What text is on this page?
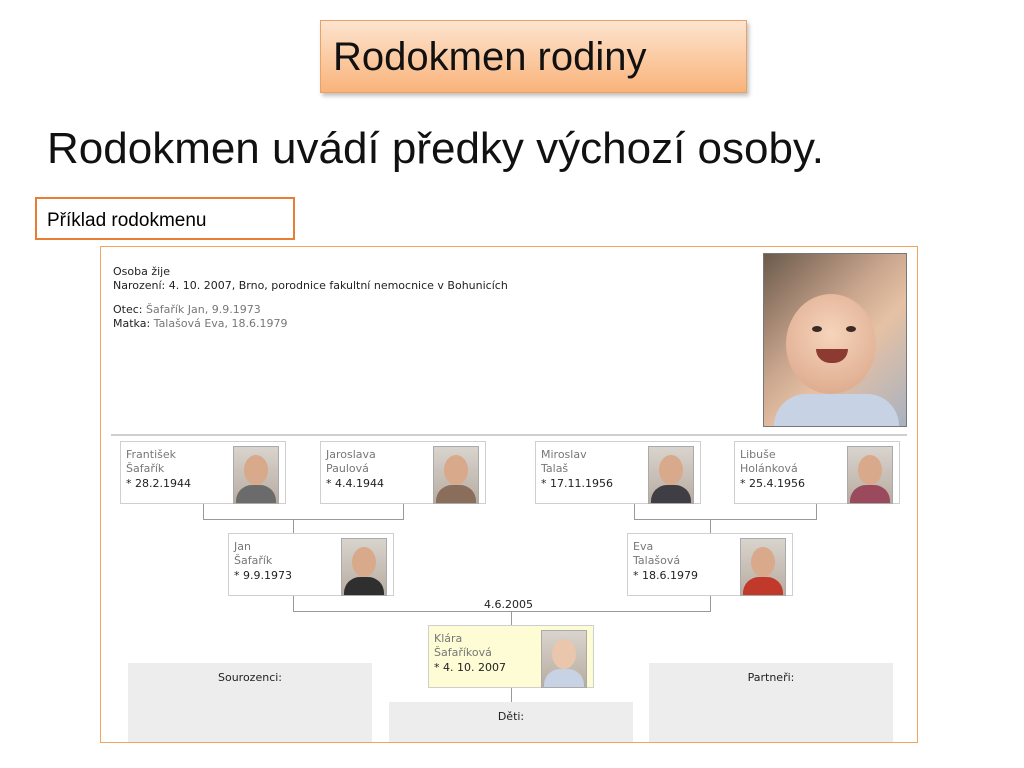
Rodokmen rodiny
Rodokmen uvádí předky výchozí osoby.
Příklad rodokmenu
Osoba žije
Narození: 4. 10. 2007, Brno, porodnice fakultní nemocnice v Bohunicích
Otec: Šafařík Jan, 9.9.1973
Matka: Talašová Eva, 18.6.1979
František
Šafařík
* 28.2.1944
Jaroslava
Paulová
* 4.4.1944
Miroslav
Talaš
* 17.11.1956
Libuše
Holánková
* 25.4.1956
Jan
Šafařík
* 9.9.1973
Eva
Talašová
* 18.6.1979
4.6.2005
Sourozenci:	Partneři:
Děti:
Klára
Šafaříková
* 4. 10. 2007
